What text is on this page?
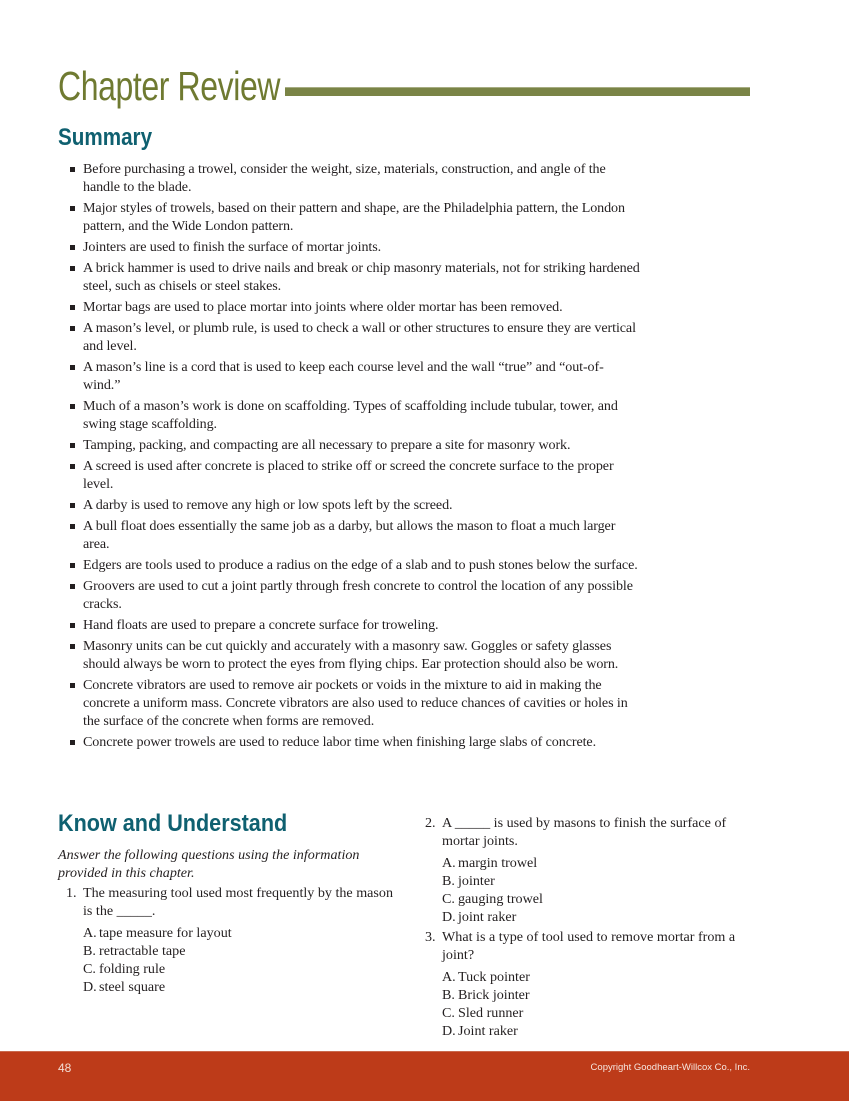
Chapter Review
Summary
Before purchasing a trowel, consider the weight, size, materials, construction, and angle of the handle to the blade.
Major styles of trowels, based on their pattern and shape, are the Philadelphia pattern, the London pattern, and the Wide London pattern.
Jointers are used to finish the surface of mortar joints.
A brick hammer is used to drive nails and break or chip masonry materials, not for striking hardened steel, such as chisels or steel stakes.
Mortar bags are used to place mortar into joints where older mortar has been removed.
A mason’s level, or plumb rule, is used to check a wall or other structures to ensure they are vertical and level.
A mason’s line is a cord that is used to keep each course level and the wall “true” and “out-of-wind.”
Much of a mason’s work is done on scaffolding. Types of scaffolding include tubular, tower, and swing stage scaffolding.
Tamping, packing, and compacting are all necessary to prepare a site for masonry work.
A screed is used after concrete is placed to strike off or screed the concrete surface to the proper level.
A darby is used to remove any high or low spots left by the screed.
A bull float does essentially the same job as a darby, but allows the mason to float a much larger area.
Edgers are tools used to produce a radius on the edge of a slab and to push stones below the surface.
Groovers are used to cut a joint partly through fresh concrete to control the location of any possible cracks.
Hand floats are used to prepare a concrete surface for troweling.
Masonry units can be cut quickly and accurately with a masonry saw. Goggles or safety glasses should always be worn to protect the eyes from flying chips. Ear protection should also be worn.
Concrete vibrators are used to remove air pockets or voids in the mixture to aid in making the concrete a uniform mass. Concrete vibrators are also used to reduce chances of cavities or holes in the surface of the concrete when forms are removed.
Concrete power trowels are used to reduce labor time when finishing large slabs of concrete.
Know and Understand

Answer the following questions using the information provided in this chapter.

1. The measuring tool used most frequently by the mason is the _____.
A. tape measure for layout
B. retractable tape
C. folding rule
D. steel square
2. A _____ is used by masons to finish the surface of mortar joints.
A. margin trowel
B. jointer
C. gauging trowel
D. joint raker
3. What is a type of tool used to remove mortar from a joint?
A. Tuck pointer
B. Brick jointer
C. Sled runner
D. Joint raker
48	Copyright Goodheart-Willcox Co., Inc.
